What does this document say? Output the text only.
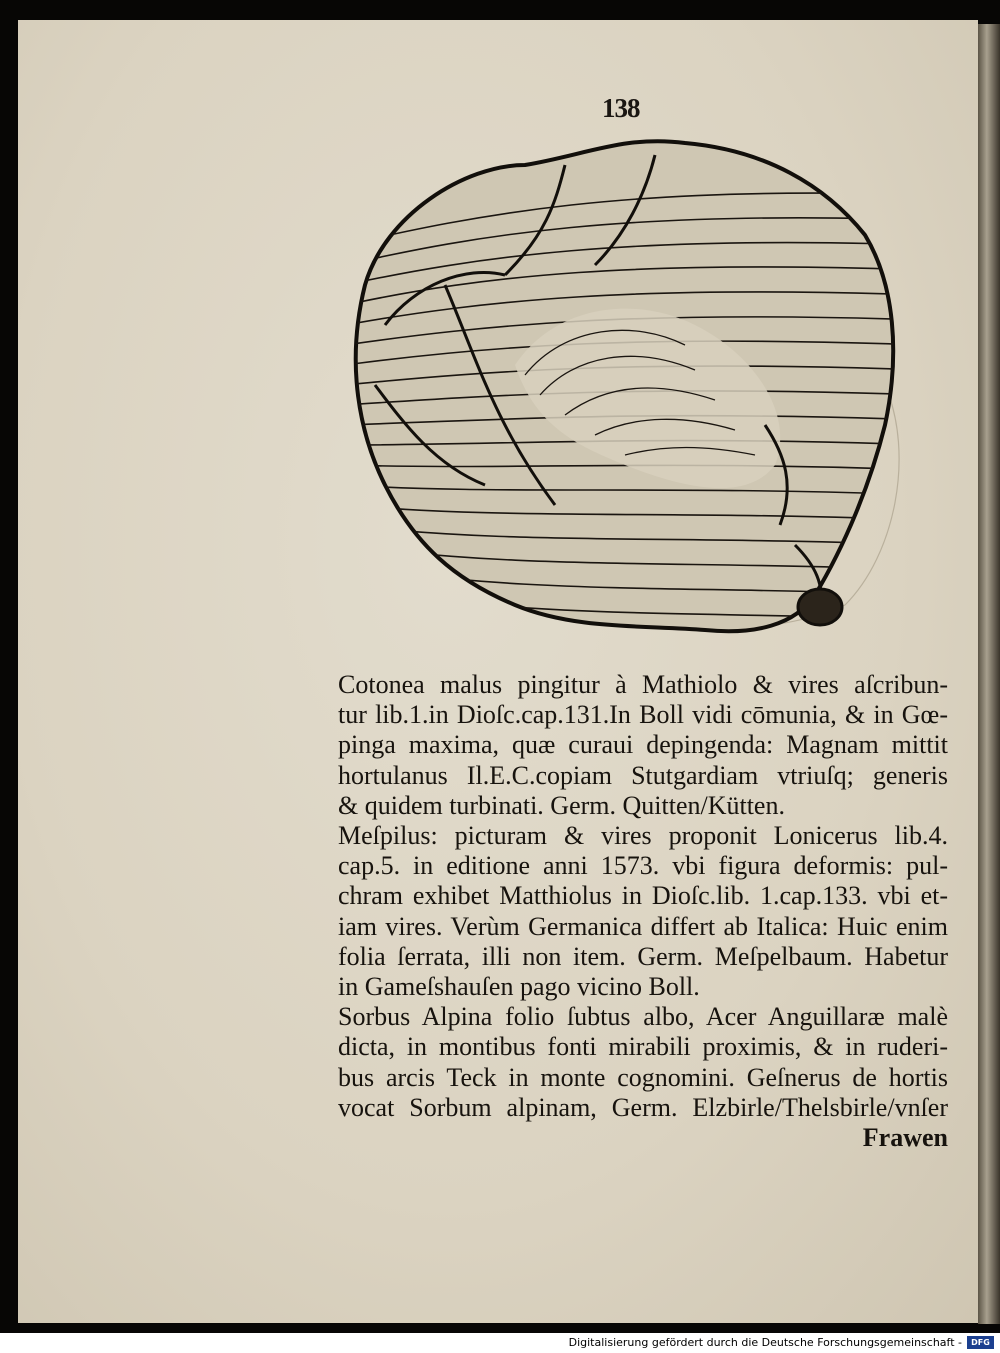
138
Cotonea malus pingitur à Mathiolo & vires aſcribun-
tur lib.1.in Dioſc.cap.131.In Boll vidi cōmunia, & in Gœ-
pinga maxima, quæ curaui depingenda: Magnam mittit
hortulanus Il.E.C.copiam Stutgardiam vtriuſq; generis
& quidem turbinati. Germ. Quitten/Kütten.
Meſpilus: picturam & vires proponit Lonicerus lib.4.
cap.5. in editione anni 1573. vbi figura deformis: pul-
chram exhibet Matthiolus in Dioſc.lib. 1.cap.133. vbi et-
iam vires. Verùm Germanica differt ab Italica: Huic enim
folia ſerrata, illi non item. Germ. Meſpelbaum. Habetur
in Gameſshauſen pago vicino Boll.
Sorbus Alpina folio ſubtus albo, Acer Anguillaræ malè
dicta, in montibus fonti mirabili proximis, & in ruderi-
bus arcis Teck in monte cognomini. Geſnerus de hortis
vocat Sorbum alpinam, Germ. Elzbirle/Thelsbirle/vnſer
Frawen
Digitalisierung gefördert durch die Deutsche Forschungsgemeinschaft -	DFG
